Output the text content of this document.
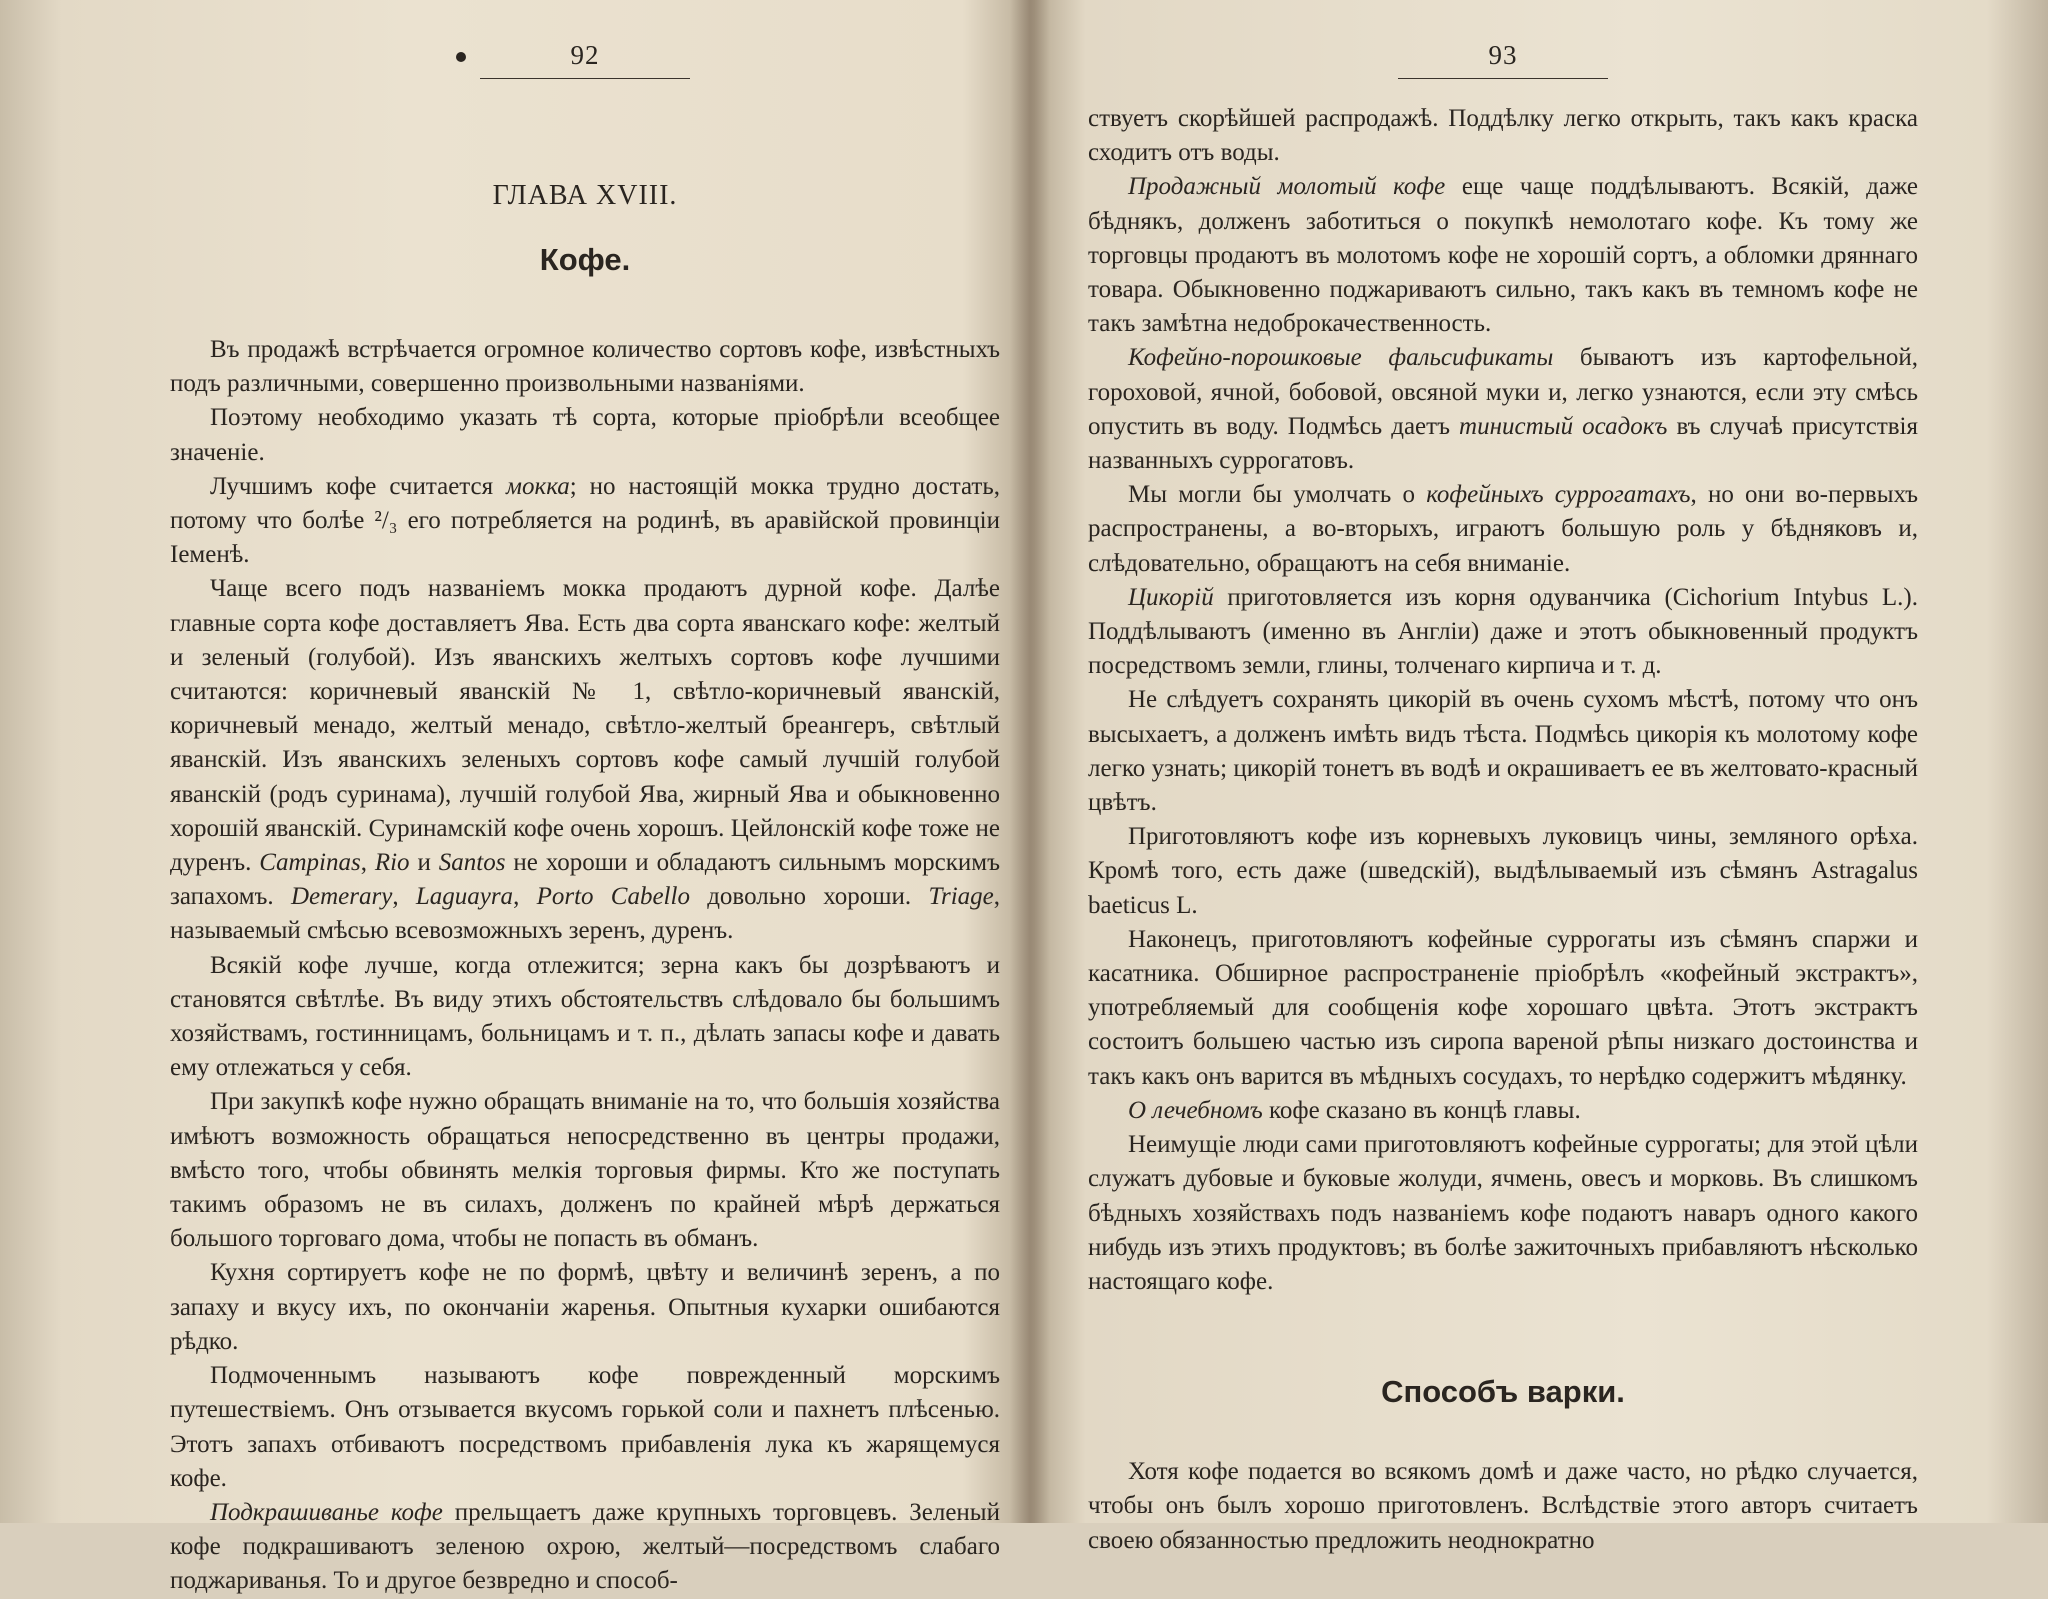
92
ГЛАВА XVIII.
Кофе.

Въ продажѣ встрѣчается огромное количество сортовъ кофе, извѣстныхъ подъ различными, совершенно произвольными названіями.

Поэтому необходимо указать тѣ сорта, которые пріобрѣли всеобщее значеніе.

Лучшимъ кофе считается мокка; но настоящій мокка трудно достать, потому что болѣе ²/₃ его потребляется на родинѣ, въ аравійской провинціи Іеменѣ.

Чаще всего подъ названіемъ мокка продаютъ дурной кофе. Далѣе главные сорта кофе доставляетъ Ява. Есть два сорта яванскаго кофе: желтый и зеленый (голубой). Изъ яванскихъ желтыхъ сортовъ кофе лучшими считаются: коричневый яванскій № 1, свѣтло-коричневый яванскій, коричневый менадо, желтый менадо, свѣтло-желтый бреангеръ, свѣтлый яванскій. Изъ яванскихъ зеленыхъ сортовъ кофе самый лучшій голубой яванскій (родъ суринама), лучшій голубой Ява, жирный Ява и обыкновенно хорошій яванскій. Суринамскій кофе очень хорошъ. Цейлонскій кофе тоже не дуренъ. Campinas, Rio и Santos не хороши и обладаютъ сильнымъ морскимъ запахомъ. Demerary, Laguayra, Porto Cabello довольно хороши. Triage, называемый смѣсью всевозможныхъ зеренъ, дуренъ.

Всякій кофе лучше, когда отлежится; зерна какъ бы дозрѣваютъ и становятся свѣтлѣе. Въ виду этихъ обстоятельствъ слѣдовало бы большимъ хозяйствамъ, гостинницамъ, больницамъ и т. п., дѣлать запасы кофе и давать ему отлежаться у себя.

При закупкѣ кофе нужно обращать вниманіе на то, что большія хозяйства имѣютъ возможность обращаться непосредственно въ центры продажи, вмѣсто того, чтобы обвинять мелкія торговыя фирмы. Кто же поступать такимъ образомъ не въ силахъ, долженъ по крайней мѣрѣ держаться большого торговаго дома, чтобы не попасть въ обманъ.

Кухня сортируетъ кофе не по формѣ, цвѣту и величинѣ зеренъ, а по запаху и вкусу ихъ, по окончаніи жаренья. Опытныя кухарки ошибаются рѣдко.

Подмоченнымъ называютъ кофе поврежденный морскимъ путешествіемъ. Онъ отзывается вкусомъ горькой соли и пахнетъ плѣсенью. Этотъ запахъ отбиваютъ посредствомъ прибавленія лука къ жарящемуся кофе.

Подкрашиванье кофе прельщаетъ даже крупныхъ торговцевъ. Зеленый кофе подкрашиваютъ зеленою охрою, желтый—посредствомъ слабаго поджариванья. То и другое безвредно и способ-

93

ствуетъ скорѣйшей распродажѣ. Поддѣлку легко открыть, такъ какъ краска сходитъ отъ воды.

Продажный молотый кофе еще чаще поддѣлываютъ. Всякій, даже бѣднякъ, долженъ заботиться о покупкѣ немолотаго кофе. Къ тому же торговцы продаютъ въ молотомъ кофе не хорошій сортъ, а обломки дряннаго товара. Обыкновенно поджариваютъ сильно, такъ какъ въ темномъ кофе не такъ замѣтна недоброкачественность.

Кофейно-порошковые фальсификаты бываютъ изъ картофельной, гороховой, ячной, бобовой, овсяной муки и, легко узнаются, если эту смѣсь опустить въ воду. Подмѣсь даетъ тинистый осадокъ въ случаѣ присутствія названныхъ суррогатовъ.

Мы могли бы умолчать о кофейныхъ суррогатахъ, но они во-первыхъ распространены, а во-вторыхъ, играютъ большую роль у бѣдняковъ и, слѣдовательно, обращаютъ на себя вниманіе.

Цикорій приготовляется изъ корня одуванчика (Cichorium Intybus L.). Поддѣлываютъ (именно въ Англіи) даже и этотъ обыкновенный продуктъ посредствомъ земли, глины, толченаго кирпича и т. д.

Не слѣдуетъ сохранять цикорій въ очень сухомъ мѣстѣ, потому что онъ высыхаетъ, а долженъ имѣть видъ тѣста. Подмѣсь цикорія къ молотому кофе легко узнать; цикорій тонетъ въ водѣ и окрашиваетъ ее въ желтовато-красный цвѣтъ.

Приготовляютъ кофе изъ корневыхъ луковицъ чины, земляного орѣха. Кромѣ того, есть даже (шведскій), выдѣлываемый изъ сѣмянъ Astragalus baeticus L.

Наконецъ, приготовляютъ кофейные суррогаты изъ сѣмянъ спаржи и касатника. Обширное распространеніе пріобрѣлъ «кофейный экстрактъ», употребляемый для сообщенія кофе хорошаго цвѣта. Этотъ экстрактъ состоитъ большею частью изъ сиропа вареной рѣпы низкаго достоинства и такъ какъ онъ варится въ мѣдныхъ сосудахъ, то нерѣдко содержитъ мѣдянку.

О лечебномъ кофе сказано въ концѣ главы.

Неимущіе люди сами приготовляютъ кофейные суррогаты; для этой цѣли служатъ дубовые и буковые жолуди, ячмень, овесъ и морковь. Въ слишкомъ бѣдныхъ хозяйствахъ подъ названіемъ кофе подаютъ наваръ одного какого нибудь изъ этихъ продуктовъ; въ болѣе зажиточныхъ прибавляютъ нѣсколько настоящаго кофе.

Способъ варки.

Хотя кофе подается во всякомъ домѣ и даже часто, но рѣдко случается, чтобы онъ былъ хорошо приготовленъ. Вслѣдствіе этого авторъ считаетъ своею обязанностью предложить неоднократно
